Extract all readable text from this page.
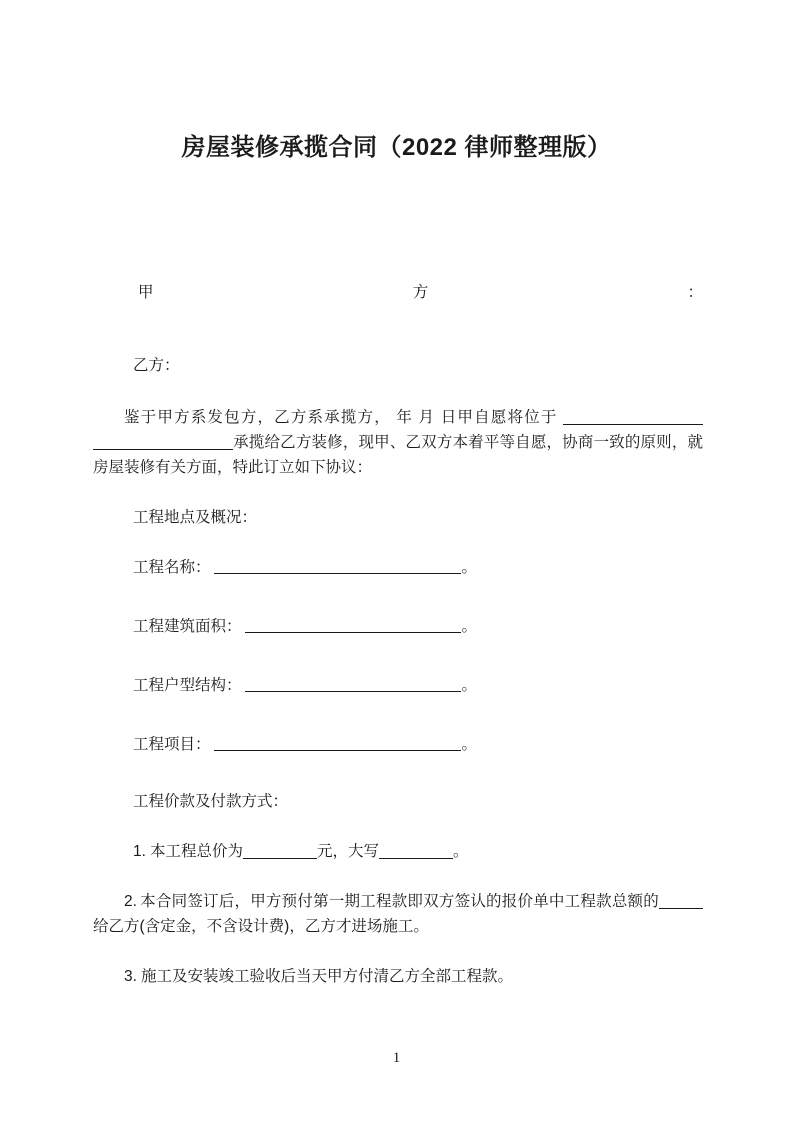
房屋装修承揽合同（2022 律师整理版）
甲	方	：
乙方：

鉴于甲方系发包方，乙方系承揽方， 年 月 日甲自愿将位于 承揽给乙方装修，现甲、乙双方本着平等自愿，协商一致的原则，就房屋装修有关方面，特此订立如下协议：

工程地点及概况：
工程名称：	。
工程建筑面积：	。
工程户型结构：	。
工程项目：	。
工程价款及付款方式：
1. 本工程总价为	元，大写	。

2. 本合同签订后，甲方预付第一期工程款即双方签认的报价单中工程款总额的给乙方(含定金，不含设计费)，乙方才进场施工。

3. 施工及安装竣工验收后当天甲方付清乙方全部工程款。
1
